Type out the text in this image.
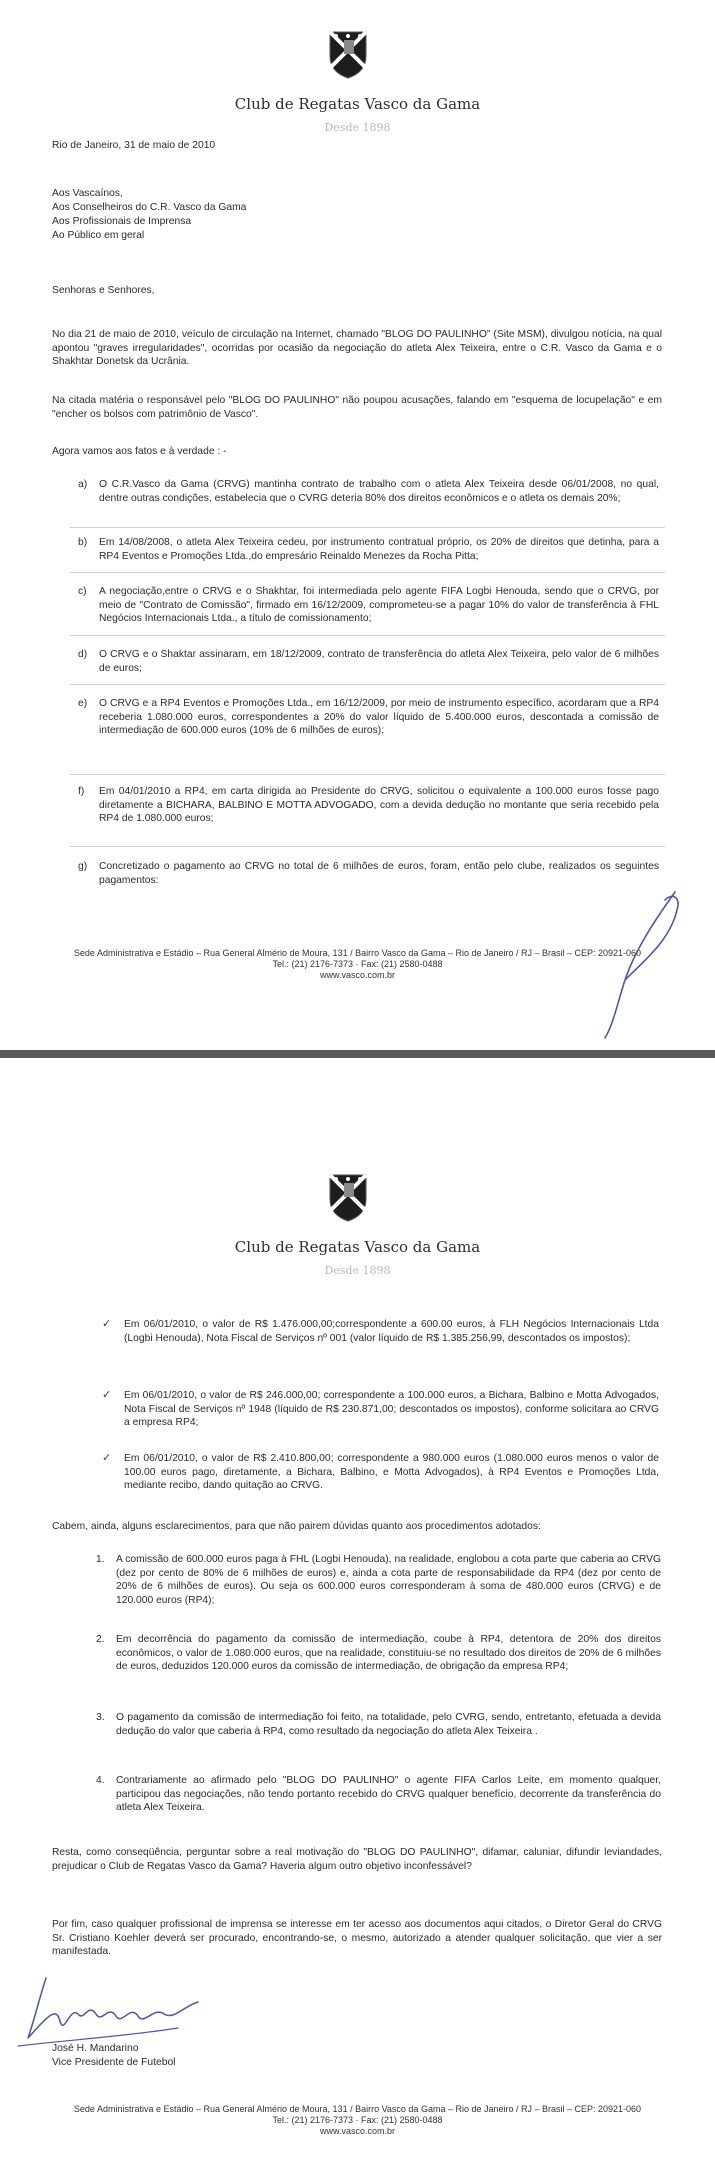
Club de Regatas Vasco da Gama
Desde 1898
Rio de Janeiro, 31 de maio de 2010
Aos Vascaínos,
Aos Conselheiros do C.R. Vasco da Gama
Aos Profissionais de Imprensa
Ao Público em geral
Senhoras e Senhores,
No dia 21 de maio de 2010, veículo de circulação na Internet, chamado "BLOG DO PAULINHO" (Site MSM), divulgou notícia, na qual apontou "graves irregularidades", ocorridas por ocasião da negociação do atleta Alex Teixeira, entre o C.R. Vasco da Gama e o Shakhtar Donetsk da Ucrânia.
Na citada matéria o responsável pelo "BLOG DO PAULINHO" não poupou acusações, falando em "esquema de locupelação" e em "encher os bolsos com patrimônio de Vasco".
Agora vamos aos fatos e à verdade : -
a) O C.R.Vasco da Gama (CRVG) mantinha contrato de trabalho com o atleta Alex Teixeira desde 06/01/2008, no qual, dentre outras condições, estabelecia que o CVRG deteria 80% dos direitos econômicos e o atleta os demais 20%;
b) Em 14/08/2008, o atleta Alex Teixeira cedeu, por instrumento contratual próprio, os 20% de direitos que detinha, para a RP4 Eventos e Promoções Ltda.,do empresário Reinaldo Menezes da Rocha Pitta;
c) A negociação,entre o CRVG e o Shakhtar, foi intermediada pelo agente FIFA Logbi Henouda, sendo que o CRVG, por meio de "Contrato de Comissão", firmado em 16/12/2009, comprometeu-se a pagar 10% do valor de transferência à FHL Negócios Internacionais Ltda., a título de comissionamento;
d) O CRVG e o Shaktar assinaram, em 18/12/2009, contrato de transferência do atleta Alex Teixeira, pelo valor de 6 milhões de euros;
e) O CRVG e a RP4 Eventos e Promoções Ltda., em 16/12/2009, por meio de instrumento específico, acordaram que a RP4 receberia 1.080.000 euros, correspondentes a 20% do valor líquido de 5.400.000 euros, descontada a comissão de intermediação de 600.000 euros (10% de 6 milhões de euros);
f) Em 04/01/2010 a RP4, em carta dirigida ao Presidente do CRVG, solicitou o equivalente a 100.000 euros fosse pago diretamente a BICHARA, BALBINO E MOTTA ADVOGADO, com a devida dedução no montante que seria recebido pela RP4 de 1.080.000 euros;
g) Concretizado o pagamento ao CRVG no total de 6 milhões de euros, foram, então pelo clube, realizados os seguintes pagamentos:
Sede Administrativa e Estádio – Rua General Almério de Moura, 131 / Bairro Vasco da Gama – Rio de Janeiro / RJ – Brasil – CEP: 20921-060
Tel.: (21) 2176-7373 · Fax: (21) 2580-0488
www.vasco.com.br
Club de Regatas Vasco da Gama
Desde 1898
✓ Em 06/01/2010, o valor de R$ 1.476.000,00;correspondente a 600.00 euros, à FLH Negócios Internacionais Ltda (Logbi Henouda), Nota Fiscal de Serviços nº 001 (valor líquido de R$ 1.385.256,99, descontados os impostos);
✓ Em 06/01/2010, o valor de R$ 246.000,00; correspondente a 100.000 euros, a Bichara, Balbino e Motta Advogados, Nota Fiscal de Serviços nº 1948 (líquido de R$ 230.871,00; descontados os impostos), conforme solicitara ao CRVG a empresa RP4;
✓ Em 06/01/2010, o valor de R$ 2.410.800,00; correspondente a 980.000 euros (1.080.000 euros menos o valor de 100.00 euros pago, diretamente, a Bichara, Balbino, e Motta Advogados), à RP4 Eventos e Promoções Ltda, mediante recibo, dando quitação ao CRVG.
Cabem, ainda, alguns esclarecimentos, para que não pairem dúvidas quanto aos procedimentos adotados:
1. A comissão de 600.000 euros paga à FHL (Logbi Henouda), na realidade, englobou a cota parte que caberia ao CRVG (dez por cento de 80% de 6 milhões de euros) e, ainda a cota parte de responsabilidade da RP4 (dez por cento de 20% de 6 milhões de euros). Ou seja os 600.000 euros corresponderam à soma de 480.000 euros (CRVG) e de 120.000 euros (RP4);
2. Em decorrência do pagamento da comissão de intermediação, coube à RP4, detentora de 20% dos direitos econômicos, o valor de 1.080.000 euros, que na realidade, constituiu-se no resultado dos direitos de 20% de 6 milhões de euros, deduzidos 120.000 euros da comissão de intermediação, de obrigação da empresa RP4;
3. O pagamento da comissão de intermediação foi feito, na totalidade, pelo CVRG, sendo, entretanto, efetuada a devida dedução do valor que caberia à RP4, como resultado da negociação do atleta Alex Teixeira .
4. Contrariamente ao afirmado pelo "BLOG DO PAULINHO" o agente FIFA Carlos Leite, em momento qualquer, participou das negociações, não tendo portanto recebido do CRVG qualquer benefício, decorrente da transferência do atleta Alex Teixeira.
Resta, como conseqüência, perguntar sobre a real motivação do "BLOG DO PAULINHO", difamar, caluniar, difundir leviandades, prejudicar o Club de Regatas Vasco da Gama? Haveria algum outro objetivo inconfessável?
Por fim, caso qualquer profissional de imprensa se interesse em ter acesso aos documentos aqui citados, o Diretor Geral do CRVG Sr. Cristiano Koehler deverá ser procurado, encontrando-se, o mesmo, autorizado a atender qualquer solicitação, que vier a ser manifestada.
José H. Mandarino
Vice Presidente de Futebol
Sede Administrativa e Estádio – Rua General Almério de Moura, 131 / Bairro Vasco da Gama – Rio de Janeiro / RJ – Brasil – CEP: 20921-060
Tel.: (21) 2176-7373 · Fax: (21) 2580-0488
www.vasco.com.br
